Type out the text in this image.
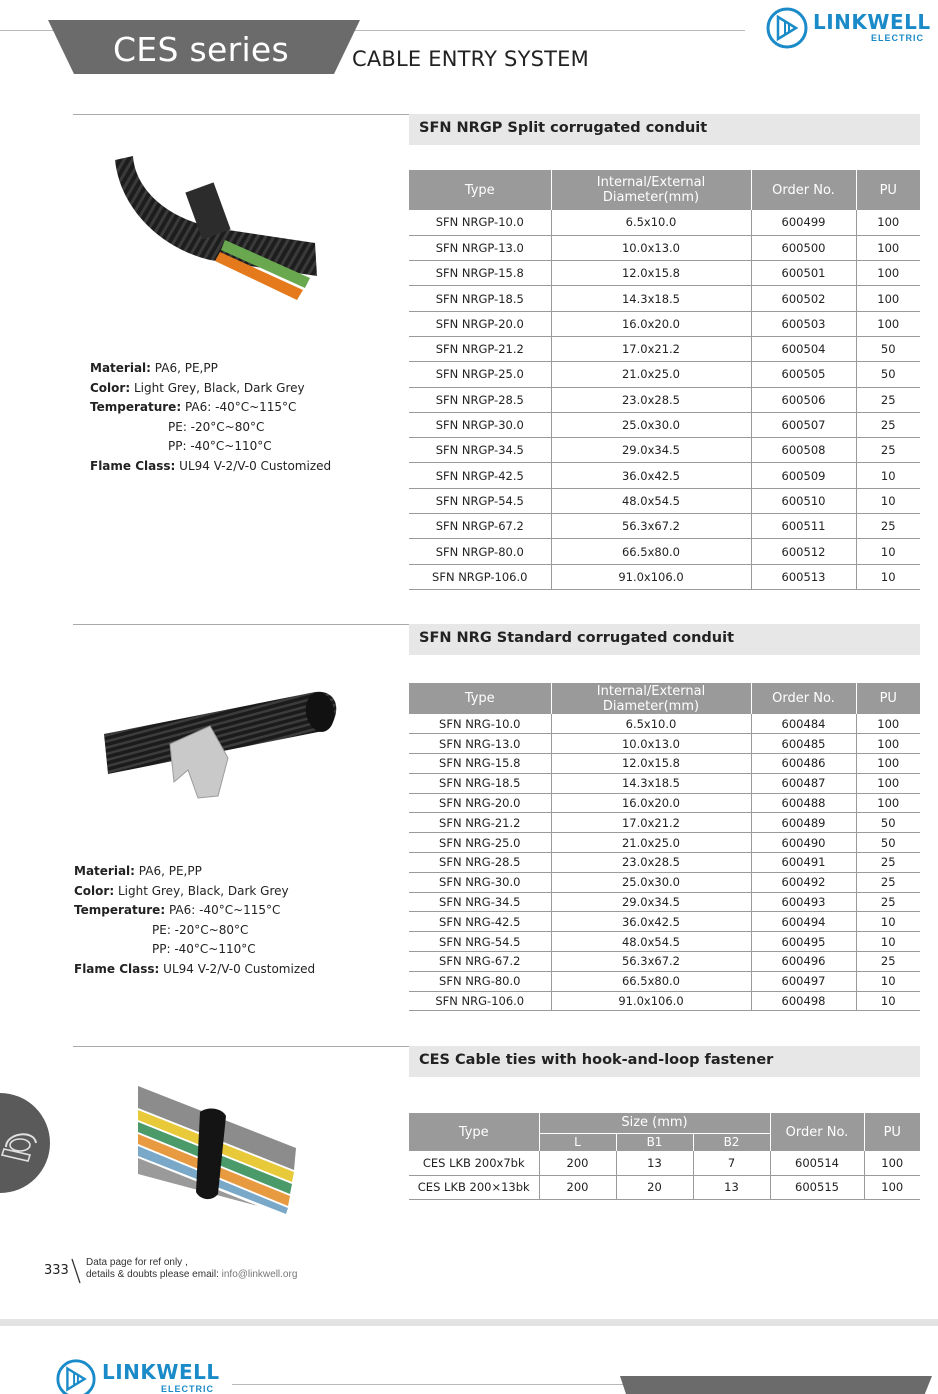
CES series	CABLE ENTRY SYSTEM
LINKWELL
ELECTRIC
SFN NRGP Split corrugated conduit
Material: PA6, PE,PP
Color: Light Grey, Black, Dark Grey
Temperature: PA6: -40°C~115°C
PE: -20°C~80°C
PP: -40°C~110°C
Flame Class: UL94 V-2/V-0 Customized
Type	Internal/External Diameter(mm)	Order No.	PU
SFN NRGP-10.0	6.5x10.0	600499	100
SFN NRGP-13.0	10.0x13.0	600500	100
SFN NRGP-15.8	12.0x15.8	600501	100
SFN NRGP-18.5	14.3x18.5	600502	100
SFN NRGP-20.0	16.0x20.0	600503	100
SFN NRGP-21.2	17.0x21.2	600504	50
SFN NRGP-25.0	21.0x25.0	600505	50
SFN NRGP-28.5	23.0x28.5	600506	25
SFN NRGP-30.0	25.0x30.0	600507	25
SFN NRGP-34.5	29.0x34.5	600508	25
SFN NRGP-42.5	36.0x42.5	600509	10
SFN NRGP-54.5	48.0x54.5	600510	10
SFN NRGP-67.2	56.3x67.2	600511	25
SFN NRGP-80.0	66.5x80.0	600512	10
SFN NRGP-106.0	91.0x106.0	600513	10
SFN NRG Standard corrugated conduit
Material: PA6, PE,PP
Color: Light Grey, Black, Dark Grey
Temperature: PA6: -40°C~115°C
PE: -20°C~80°C
PP: -40°C~110°C
Flame Class: UL94 V-2/V-0 Customized
Type	Internal/External Diameter(mm)	Order No.	PU
SFN NRG-10.0	6.5x10.0	600484	100
SFN NRG-13.0	10.0x13.0	600485	100
SFN NRG-15.8	12.0x15.8	600486	100
SFN NRG-18.5	14.3x18.5	600487	100
SFN NRG-20.0	16.0x20.0	600488	100
SFN NRG-21.2	17.0x21.2	600489	50
SFN NRG-25.0	21.0x25.0	600490	50
SFN NRG-28.5	23.0x28.5	600491	25
SFN NRG-30.0	25.0x30.0	600492	25
SFN NRG-34.5	29.0x34.5	600493	25
SFN NRG-42.5	36.0x42.5	600494	10
SFN NRG-54.5	48.0x54.5	600495	10
SFN NRG-67.2	56.3x67.2	600496	25
SFN NRG-80.0	66.5x80.0	600497	10
SFN NRG-106.0	91.0x106.0	600498	10
CES Cable ties with hook-and-loop fastener
Type	Size (mm)			Order No.	PU
	L	B1	B2		
CES LKB 200x7bk	200	13	7	600514	100
CES LKB 200×13bk	200	20	13	600515	100
333
Data page for ref only ,
details & doubts please email: info@linkwell.org
LINKWELL
ELECTRIC
